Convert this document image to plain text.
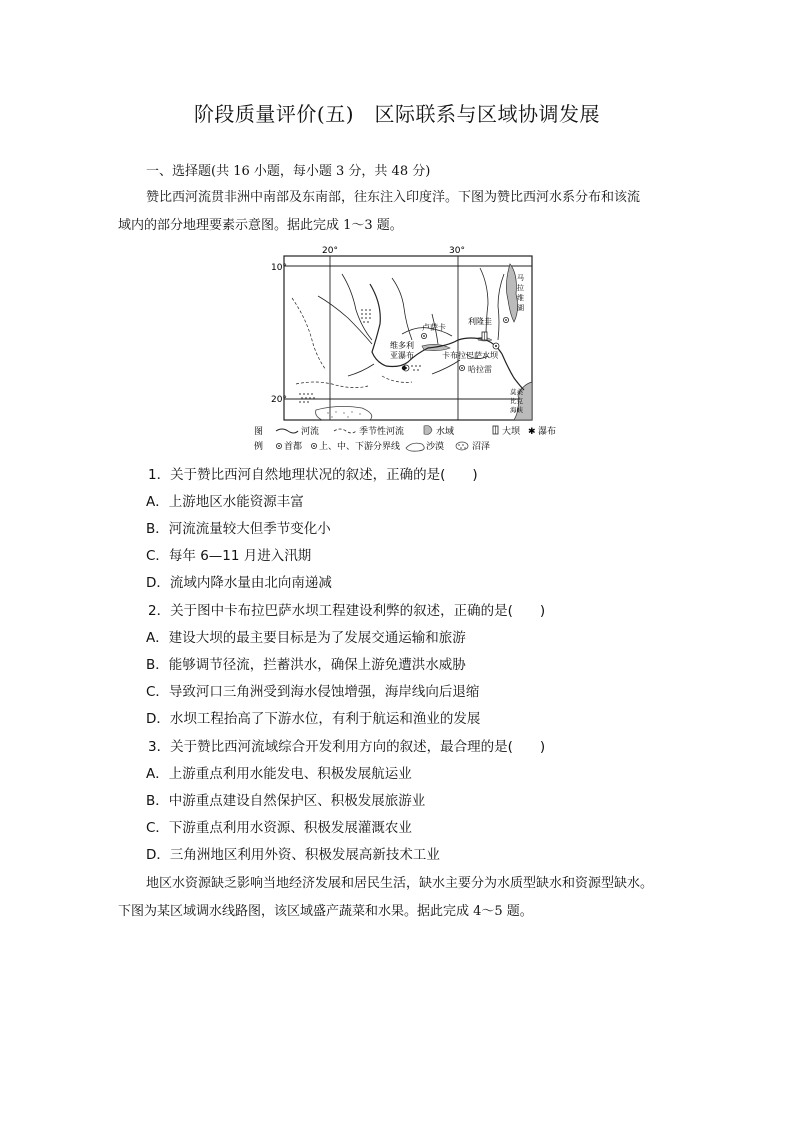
阶段质量评价(五)　区际联系与区域协调发展
一、选择题(共 16 小题，每小题 3 分，共 48 分)
赞比西河流贯非洲中南部及东南部，往东注入印度洋。下图为赞比西河水系分布和该流
域内的部分地理要素示意图。据此完成 1～3 题。
20°	30°
10°
20°
马
拉
维
湖
莫桑
比克
海峡
卢萨卡
利隆圭
维多利
亚瀑布	卡布拉巴萨水坝
哈拉雷
图
例
河流	季节性河流	水域	大坝 ✱ 瀑布
首都 上、中、下游分界线	沙漠	沼泽
1．关于赞比西河自然地理状况的叙述，正确的是(　　)
A．上游地区水能资源丰富
B．河流流量较大但季节变化小
C．每年 6—11 月进入汛期
D．流域内降水量由北向南递减
2．关于图中卡布拉巴萨水坝工程建设利弊的叙述，正确的是(　　)
A．建设大坝的最主要目标是为了发展交通运输和旅游
B．能够调节径流，拦蓄洪水，确保上游免遭洪水威胁
C．导致河口三角洲受到海水侵蚀增强，海岸线向后退缩
D．水坝工程抬高了下游水位，有利于航运和渔业的发展
3．关于赞比西河流域综合开发利用方向的叙述，最合理的是(　　)
A．上游重点利用水能发电、积极发展航运业
B．中游重点建设自然保护区、积极发展旅游业
C．下游重点利用水资源、积极发展灌溉农业
D．三角洲地区利用外资、积极发展高新技术工业
地区水资源缺乏影响当地经济发展和居民生活，缺水主要分为水质型缺水和资源型缺水。
下图为某区域调水线路图，该区域盛产蔬菜和水果。据此完成 4～5 题。
